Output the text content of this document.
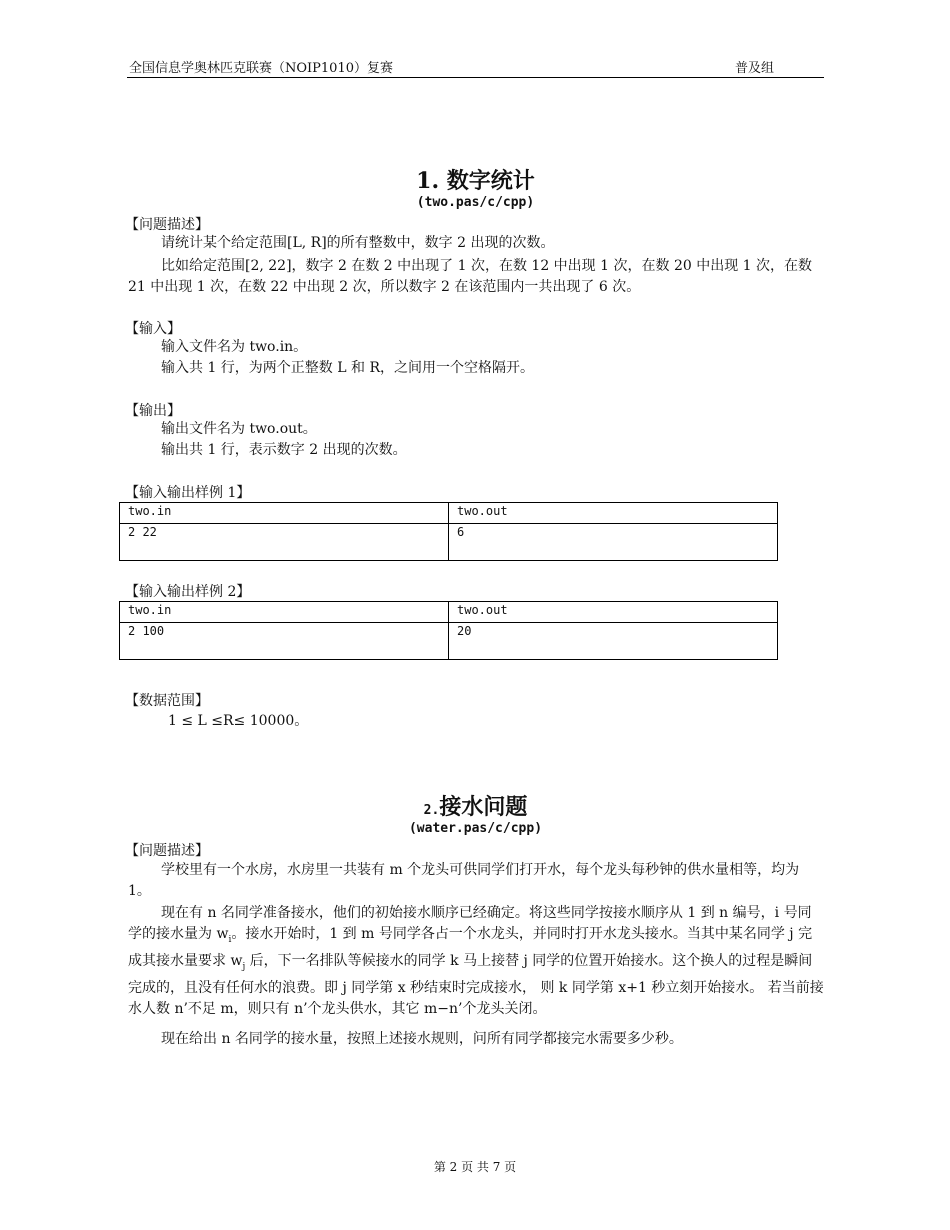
全国信息学奥林匹克联赛（NOIP1010）复赛	普及组
1. 数字统计
(two.pas/c/cpp)
【问题描述】

请统计某个给定范围[L, R]的所有整数中，数字 2 出现的次数。

比如给定范围[2, 22]，数字 2 在数 2 中出现了 1 次，在数 12 中出现 1 次，在数 20 中出现 1 次，在数 21 中出现 1 次，在数 22 中出现 2 次，所以数字 2 在该范围内一共出现了 6 次。

【输入】
输入文件名为 two.in。
输入共 1 行，为两个正整数 L 和 R，之间用一个空格隔开。
【输出】
输出文件名为 two.out。
输出共 1 行，表示数字 2 出现的次数。
【输入输出样例 1】
two.in	two.out
2 22	6
【输入输出样例 2】
two.in	two.out
2 100	20
【数据范围】
1 ≤ L ≤R≤ 10000。
2.接水问题
(water.pas/c/cpp)
【问题描述】

学校里有一个水房，水房里一共装有 m 个龙头可供同学们打开水，每个龙头每秒钟的供水量相等，均为 1。

现在有 n 名同学准备接水，他们的初始接水顺序已经确定。将这些同学按接水顺序从 1 到 n 编号，i 号同学的接水量为 $w_i$。接水开始时，1 到 m 号同学各占一个水龙头，并同时打开水龙头接水。当其中某名同学 j 完成其接水量要求 $w_j$ 后，下一名排队等候接水的同学 k 马上接替 j 同学的位置开始接水。这个换人的过程是瞬间完成的，且没有任何水的浪费。即 j 同学第 x 秒结束时完成接水， 则 k 同学第 x+1 秒立刻开始接水。 若当前接水人数 n’不足 m，则只有 n’个龙头供水，其它 m−n’个龙头关闭。

现在给出 n 名同学的接水量，按照上述接水规则，问所有同学都接完水需要多少秒。

第 2 页 共 7 页
